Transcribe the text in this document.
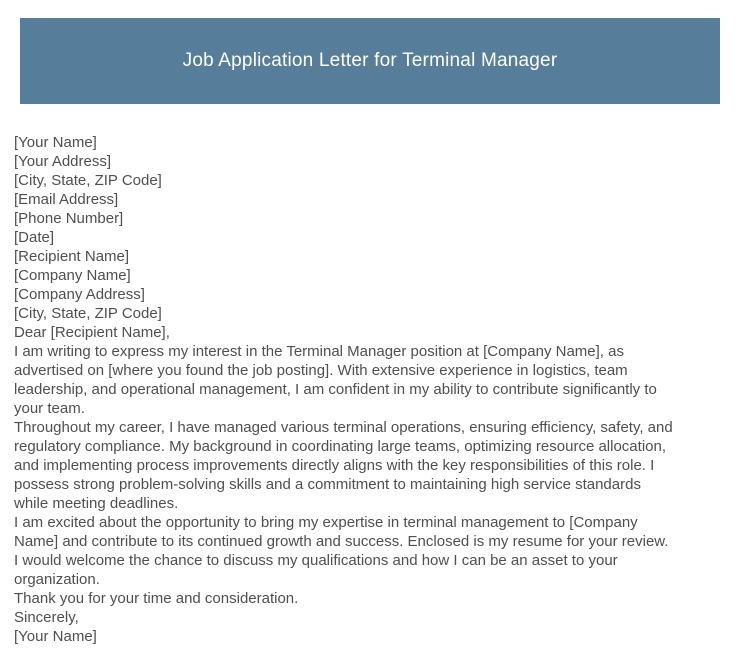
Job Application Letter for Terminal Manager
[Your Name]
[Your Address]
[City, State, ZIP Code]
[Email Address]
[Phone Number]
[Date]
[Recipient Name]
[Company Name]
[Company Address]
[City, State, ZIP Code]
Dear [Recipient Name],
I am writing to express my interest in the Terminal Manager position at [Company Name], as
advertised on [where you found the job posting]. With extensive experience in logistics, team
leadership, and operational management, I am confident in my ability to contribute significantly to
your team.
Throughout my career, I have managed various terminal operations, ensuring efficiency, safety, and
regulatory compliance. My background in coordinating large teams, optimizing resource allocation,
and implementing process improvements directly aligns with the key responsibilities of this role. I
possess strong problem-solving skills and a commitment to maintaining high service standards
while meeting deadlines.
I am excited about the opportunity to bring my expertise in terminal management to [Company
Name] and contribute to its continued growth and success. Enclosed is my resume for your review.
I would welcome the chance to discuss my qualifications and how I can be an asset to your
organization.
Thank you for your time and consideration.
Sincerely,
[Your Name]
